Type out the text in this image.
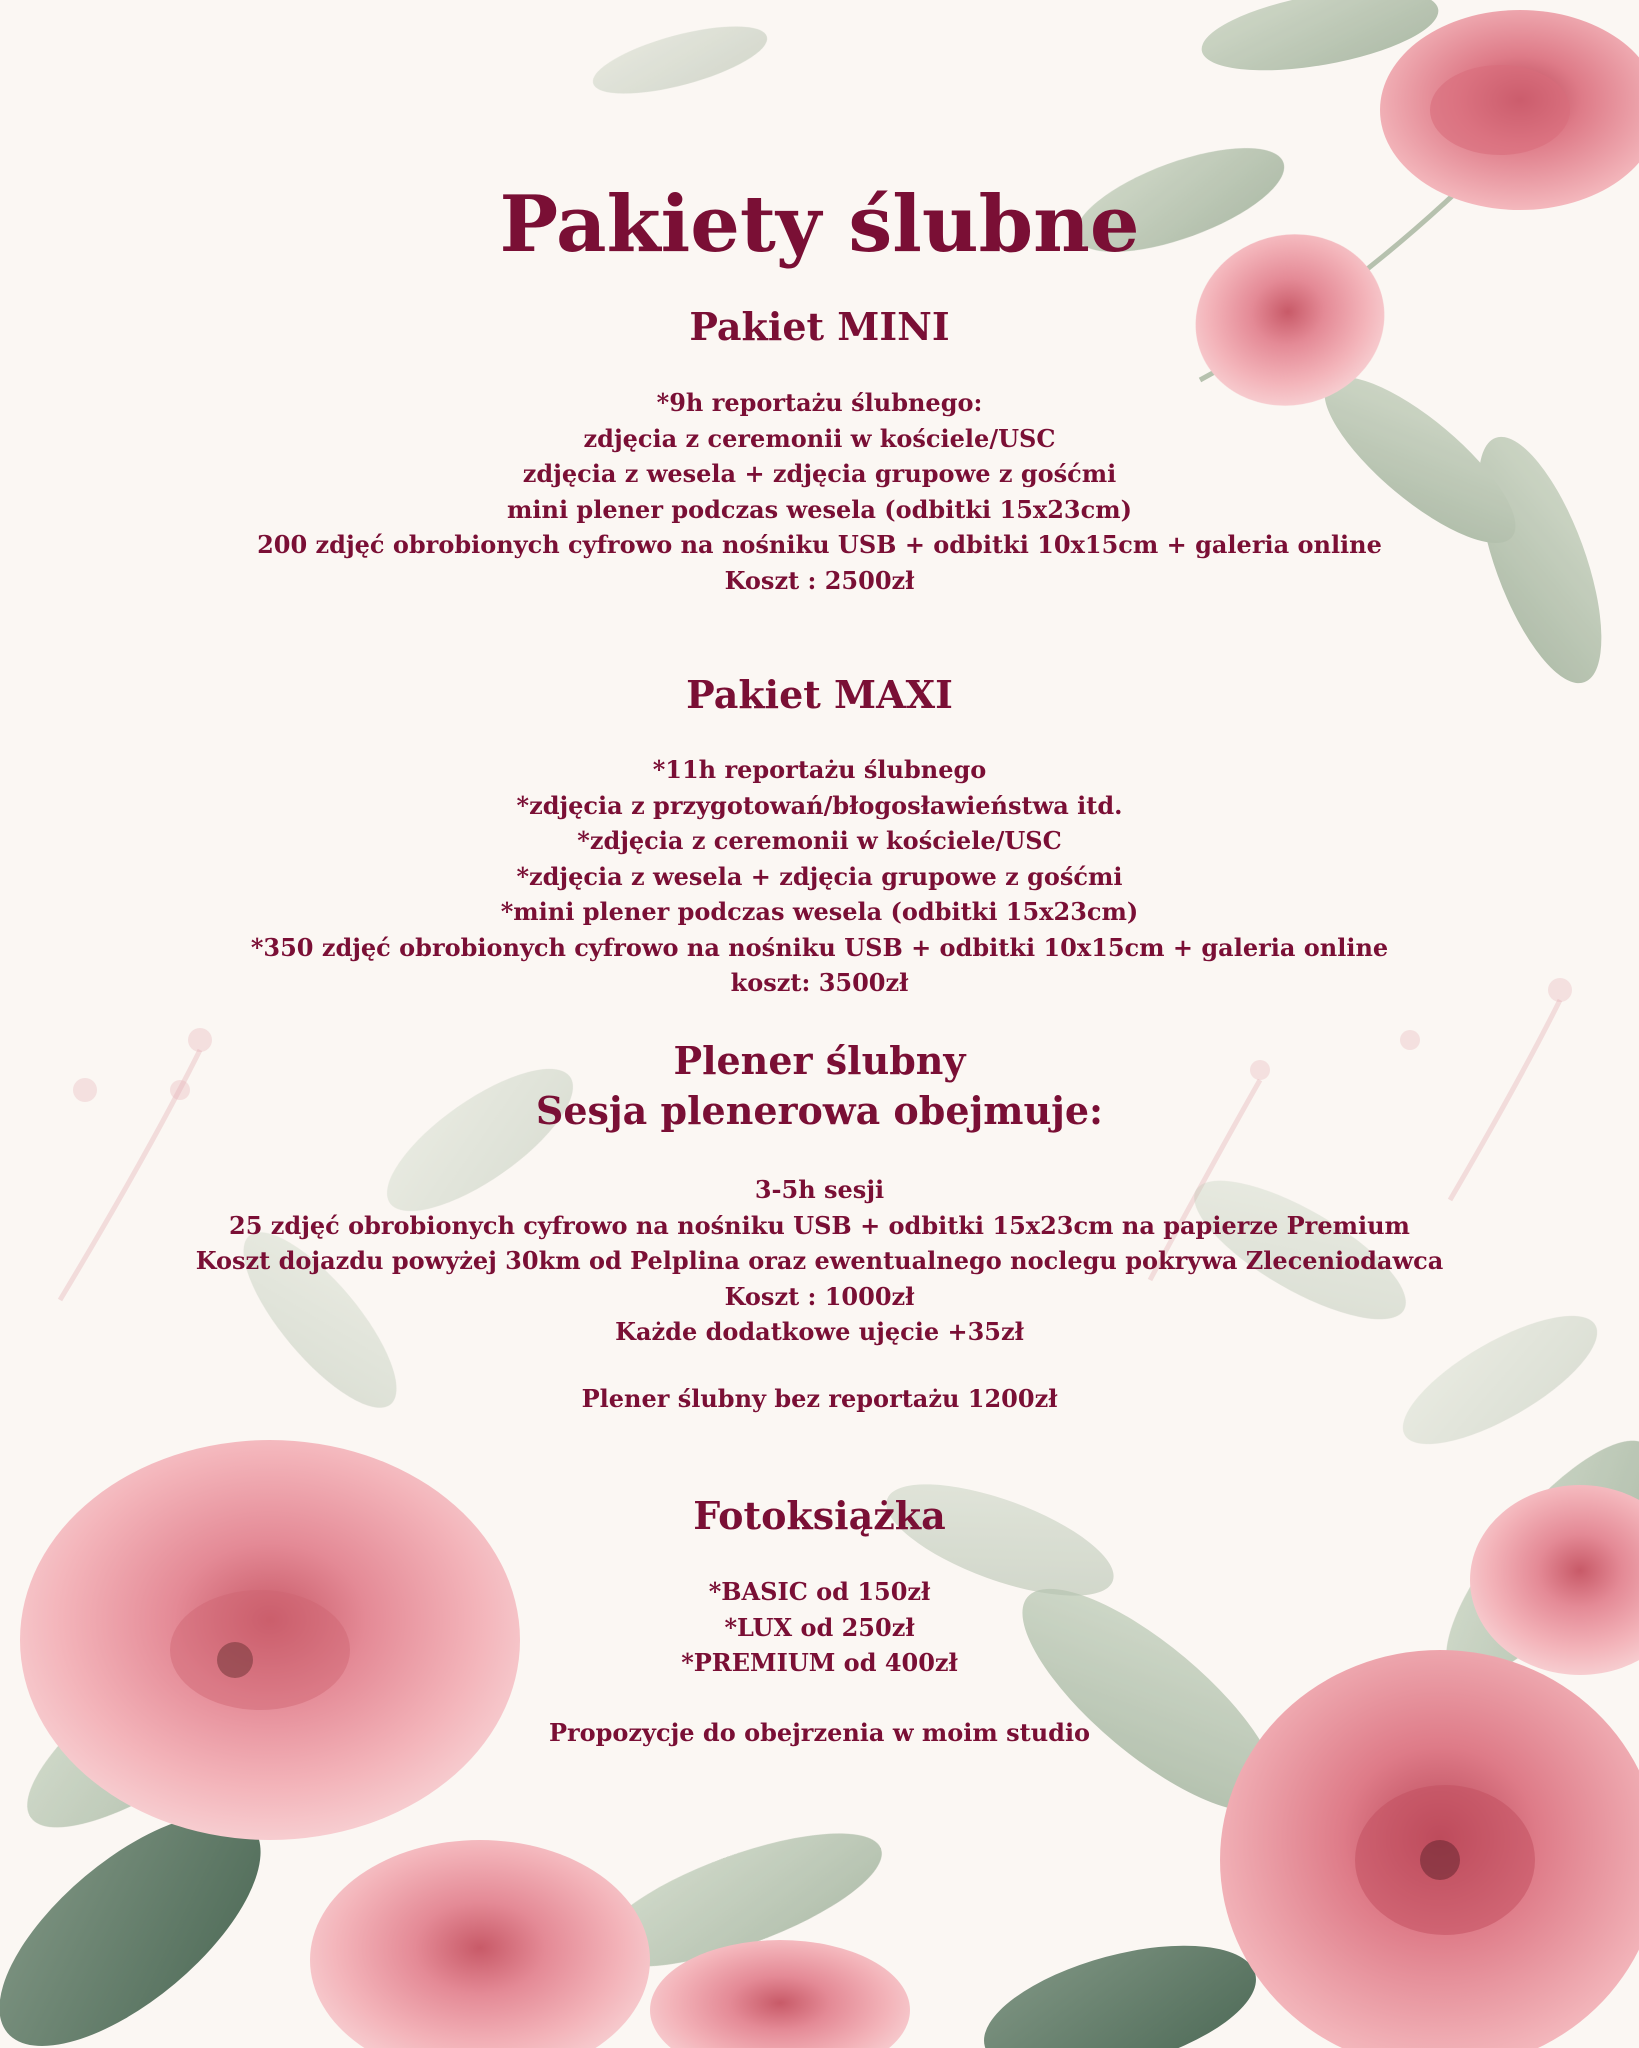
Pakiety ślubne
Pakiet MINI
*9h reportażu ślubnego:
zdjęcia z ceremonii w kościele/USC
zdjęcia z wesela + zdjęcia grupowe z gośćmi
mini plener podczas wesela (odbitki 15x23cm)
200 zdjęć obrobionych cyfrowo na nośniku USB + odbitki 10x15cm + galeria online
Koszt : 2500zł
Pakiet MAXI
*11h reportażu ślubnego
*zdjęcia z przygotowań/błogosławieństwa itd.
*zdjęcia z ceremonii w kościele/USC
*zdjęcia z wesela + zdjęcia grupowe z gośćmi
*mini plener podczas wesela (odbitki 15x23cm)
*350 zdjęć obrobionych cyfrowo na nośniku USB + odbitki 10x15cm + galeria online
koszt: 3500zł
Plener ślubny
Sesja plenerowa obejmuje:
3-5h sesji
25 zdjęć obrobionych cyfrowo na nośniku USB + odbitki 15x23cm na papierze Premium
Koszt dojazdu powyżej 30km od Pelplina oraz ewentualnego noclegu pokrywa Zleceniodawca
Koszt : 1000zł
Każde dodatkowe ujęcie +35zł
Plener ślubny bez reportażu 1200zł
Fotoksiążka
*BASIC od 150zł
*LUX od 250zł
*PREMIUM od 400zł
Propozycje do obejrzenia w moim studio
